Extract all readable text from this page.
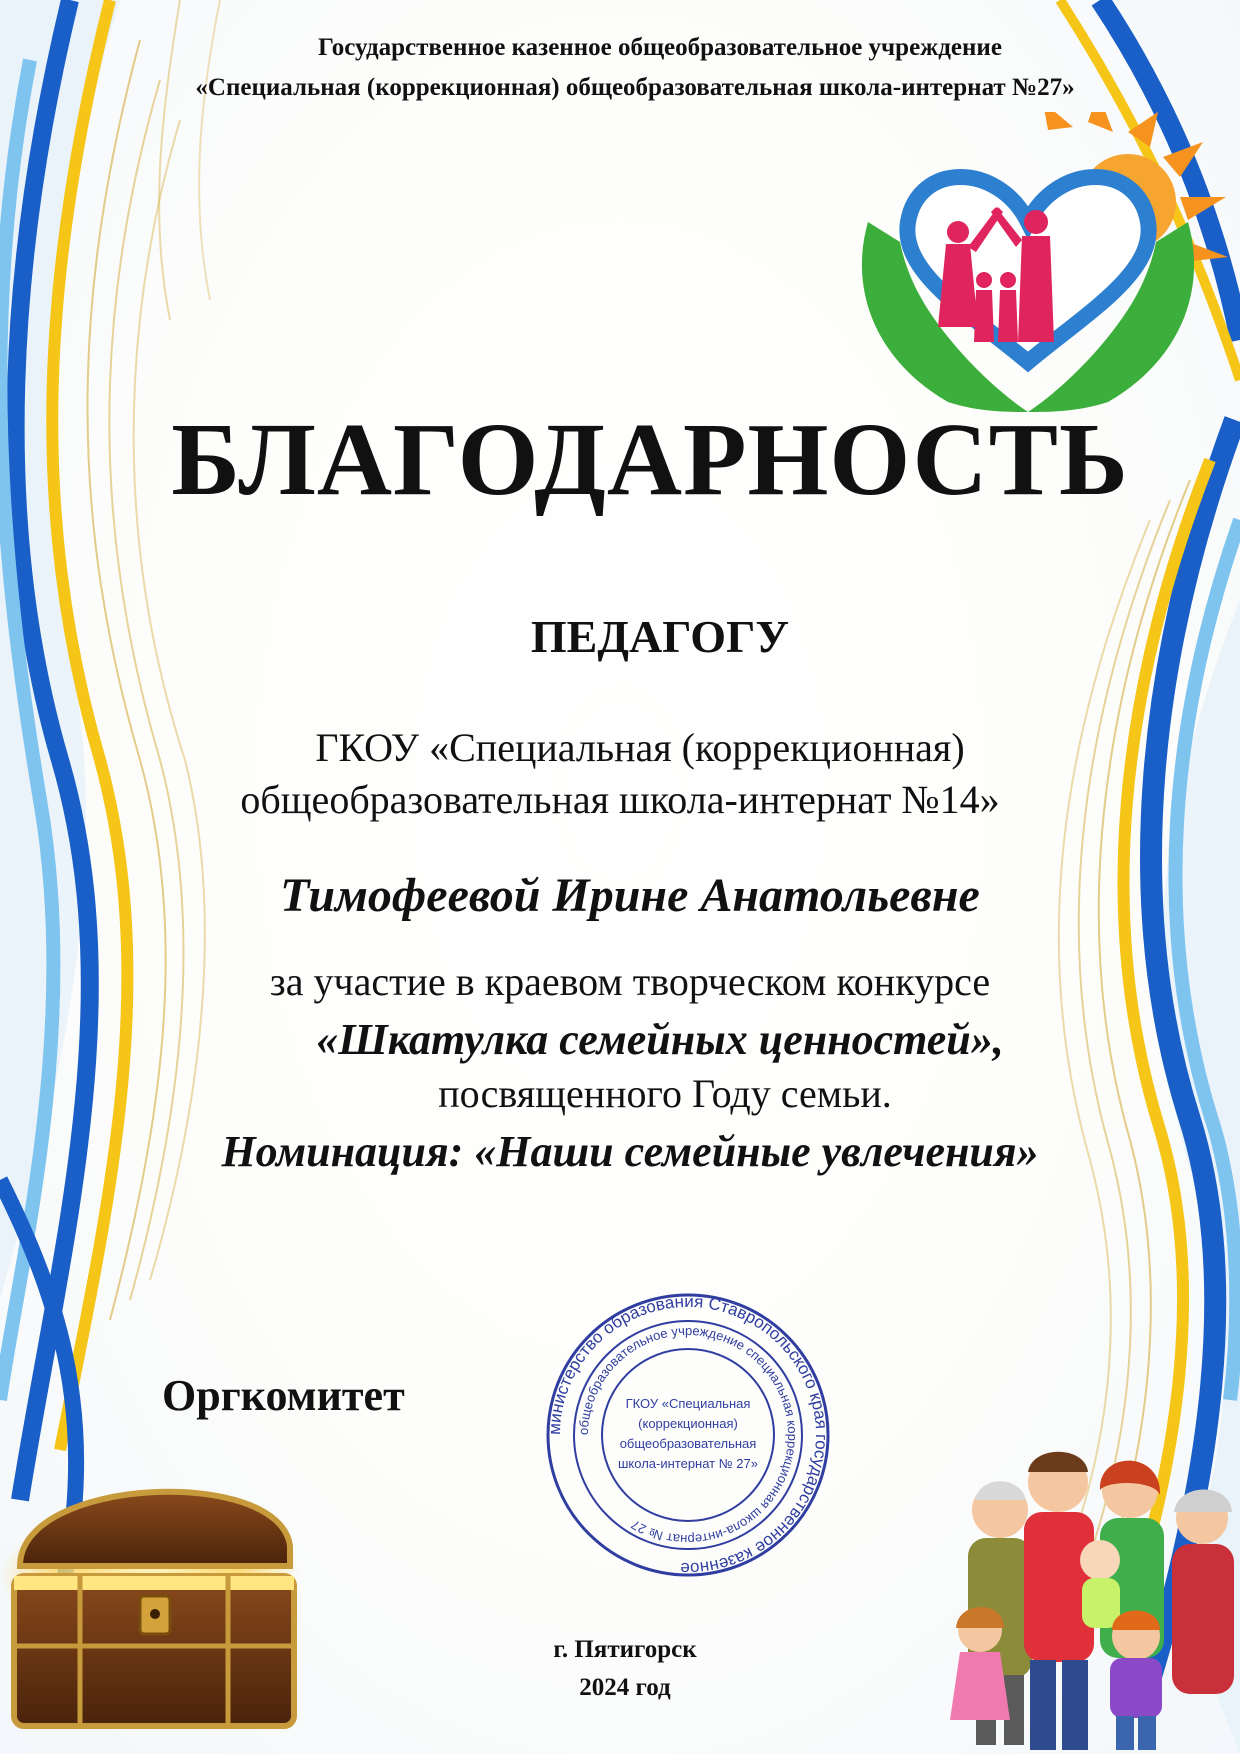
Государственное казенное общеобразовательное учреждение

«Специальная (коррекционная) общеобразовательная школа-интернат №27»

БЛАГОДАРНОСТЬ

ПЕДАГОГУ

ГКОУ «Специальная (коррекционная)

общеобразовательная школа-интернат №14»

Тимофеевой Ирине Анатольевне

за участие в краевом творческом конкурсе

«Шкатулка семейных ценностей»,

посвященного Году семьи.

Номинация: «Наши семейные увлечения»

Оргкомитет

министерство образования Ставропольского края государственное казенное
общеобразовательное учреждение специальная коррекционная школа-интернат № 27
ГКОУ «Специальная
(коррекционная)
общеобразовательная
школа-интернат № 27»

г. Пятигорск

2024 год
